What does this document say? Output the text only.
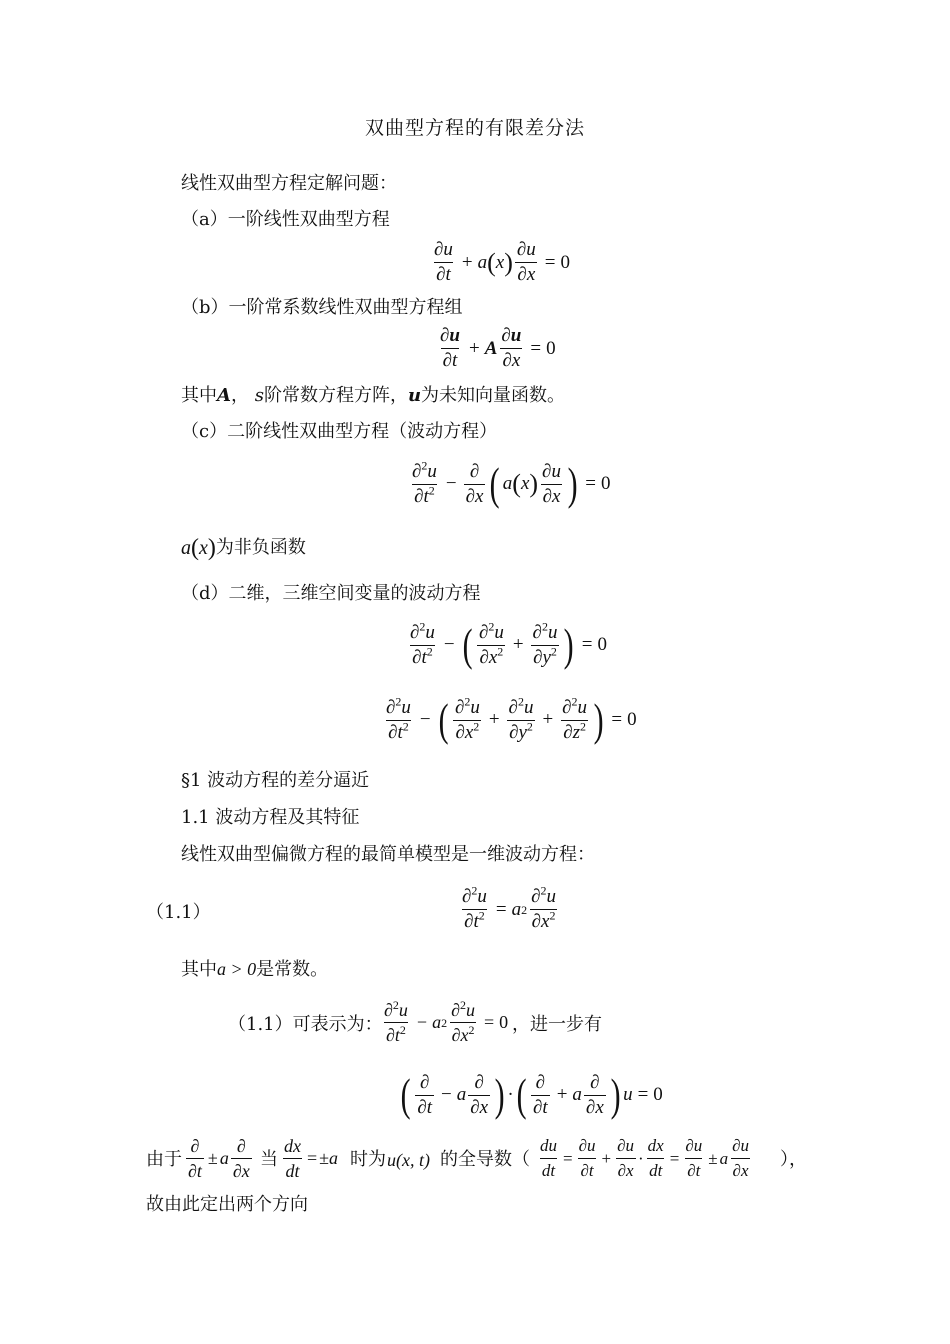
双曲型方程的有限差分法
线性双曲型方程定解问题：
（a）一阶线性双曲型方程
$\frac{\partial u}{\partial t} + a$ ( x ) $\frac{\partial u}{\partial x} = 0$
（b）一阶常系数线性双曲型方程组
$\frac{\partial u}{\partial t} + A \frac{\partial u}{\partial x} = 0$
其中A， s阶常数方程方阵，u为未知向量函数。
（c）二阶线性双曲型方程（波动方程）
$\frac{\partial^2u}{\partial t^2} - \frac{\partial}{\partial x}$ ( a ( x ) $\frac{\partial u}{\partial x}$ ) = 0
a ( x ) 为非负函数
（d）二维，三维空间变量的波动方程
$\frac{\partial^2u}{\partial t^2}$ − ( $\frac{\partial^2u}{\partial x^2} + \frac{\partial^2u}{\partial y^2}$ ) = 0
$\frac{\partial^2u}{\partial t^2}$ − ( $\frac{\partial^2u}{\partial x^2} + \frac{\partial^2u}{\partial y^2} + \frac{\partial^2u}{\partial z^2}$ ) = 0
§1 波动方程的差分逼近
1.1 波动方程及其特征
线性双曲型偏微方程的最简单模型是一维波动方程：
（1.1）	$\frac{\partial^2u}{\partial t^2} = a$ $2 \frac{\partial^2u}{\partial x^2}$
其中a > 0是常数。
（1.1）可表示为： $\frac{\partial^2u}{\partial t^2} - a$ $2 \frac{\partial^2u}{\partial x^2} = 0$ ，进一步有
( $\frac{\partial}{\partial t} - a \frac{\partial}{\partial x}$ ) · ( $\frac{\partial}{\partial t} + a \frac{\partial}{\partial x}$ ) u = 0
由于 $\frac{\partial}{\partial t} \pm a \frac{\partial}{\partial x}$ 当 $\frac{dx}{dt}$ = ± a 时为 u(x, t) 的全导数（ $\frac{du}{dt} = \frac{\partial u}{\partial t} + \frac{\partial u}{\partial x} \cdot \frac{dx}{dt} = \frac{\partial u}{\partial t} \pm a \frac{\partial u}{\partial x}$ ），
故由此定出两个方向
